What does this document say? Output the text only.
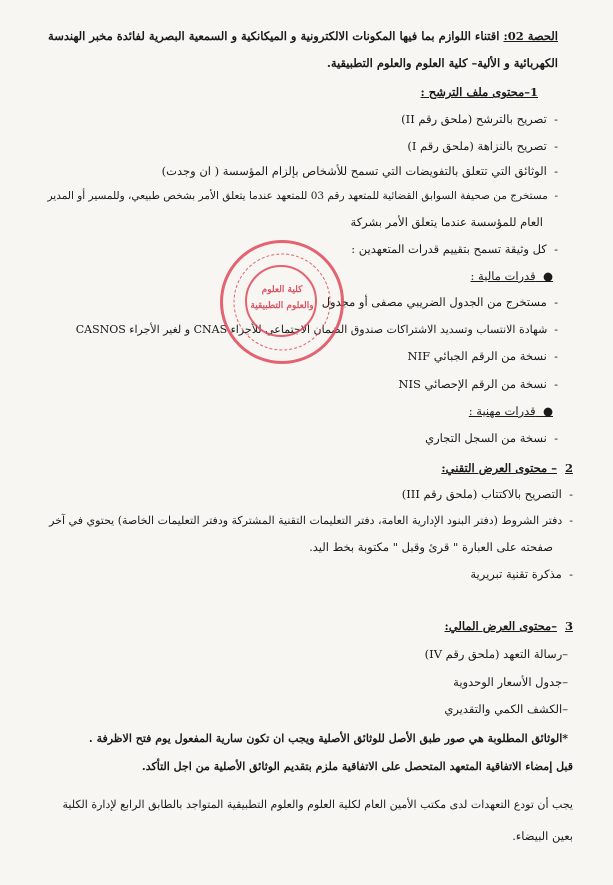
الحصة 02: اقتناء اللوازم بما فيها المكونات الالكترونية و الميكانكية و السمعية البصرية لفائدة مخبر الهندسة
الكهربائية و الألية– كلية العلوم والعلوم التطبيقية.
1–محتوى ملف الترشح :
-  تصريح بالترشح (ملحق رقم II)
-  تصريح بالنزاهة (ملحق رقم I)
-  الوثائق التي تتعلق بالتفويضات التي تسمح للأشخاص بإلزام المؤسسة ( ان وجدت)
-  مستخرج من صحيفة السوابق القضائية للمتعهد رقم 03 للمتعهد عندما يتعلق الأمر بشخص طبيعي، وللمسير أو المدير
العام للمؤسسة عندما يتعلق الأمر بشركة
-  كل وثيقة تسمح بتقييم قدرات المتعهدين :
●  قدرات مالية :
-  مستخرج من الجدول الضريبي مصفى أو مجدول
-  شهادة الانتساب وتسديد الاشتراكات صندوق الضمان الاجتماعي للأجراء CNAS و لغير الأجراء CASNOS
-  نسخة من الرقم الجبائي NIF
-  نسخة من الرقم الإحصائي NIS
●  قدرات مهنية :
-  نسخة من السجل التجاري
2  – محتوى العرض التقني:
-  التصريح بالاكتتاب (ملحق رقم III)
-  دفتر الشروط (دفتر البنود الإدارية العامة، دفتر التعليمات التقنية المشتركة ودفتر التعليمات الخاصة) يحتوي في آخر
صفحته على العبارة " قرئ وقبل " مكتوبة بخط اليد.
-  مذكرة تقنية تبريرية
3  –محتوى العرض المالي:
–رسالة التعهد (ملحق رقم IV)
–جدول الأسعار الوحدوية
–الكشف الكمي والتقديري
*الوثائق المطلوبة هي صور طبق الأصل للوثائق الأصلية ويجب ان تكون سارية المفعول يوم فتح الاظرفة .
قبل إمضاء الاتفاقية المتعهد المتحصل على الاتفاقية ملزم بتقديم الوثائق الأصلية من اجل التأكد.
يجب أن تودع التعهدات لدى مكتب الأمين العام لكلية العلوم والعلوم التطبيقية المتواجد بالطابق الرابع لإدارة الكلية
بعين البيضاء.
كلية العلوم
والعلوم التطبيقية
